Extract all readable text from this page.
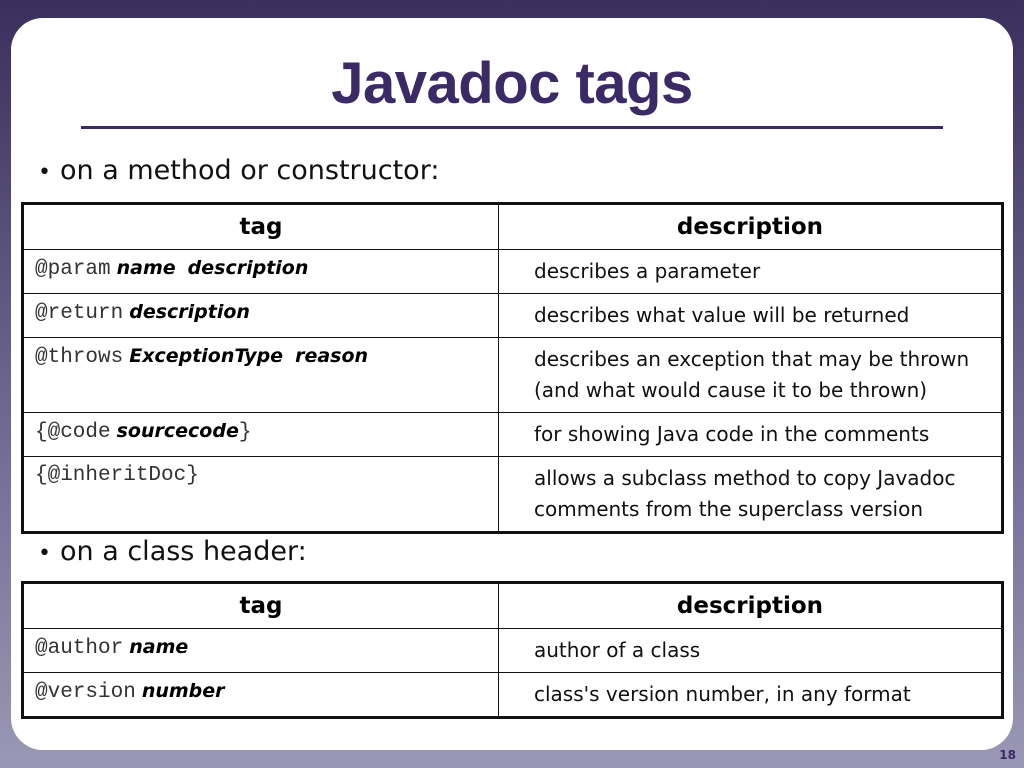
Javadoc tags
• on a method or constructor:
tag	description
@param name description	describes a parameter
@return description	describes what value will be returned
@throws ExceptionType reason	describes an exception that may be thrown
(and what would cause it to be thrown)

{@code sourcecode}	for showing Java code in the comments
{@inheritDoc}	allows a subclass method to copy Javadoc
comments from the superclass version
• on a class header:
tag	description
@author name	author of a class
@version number	class's version number, in any format
18
